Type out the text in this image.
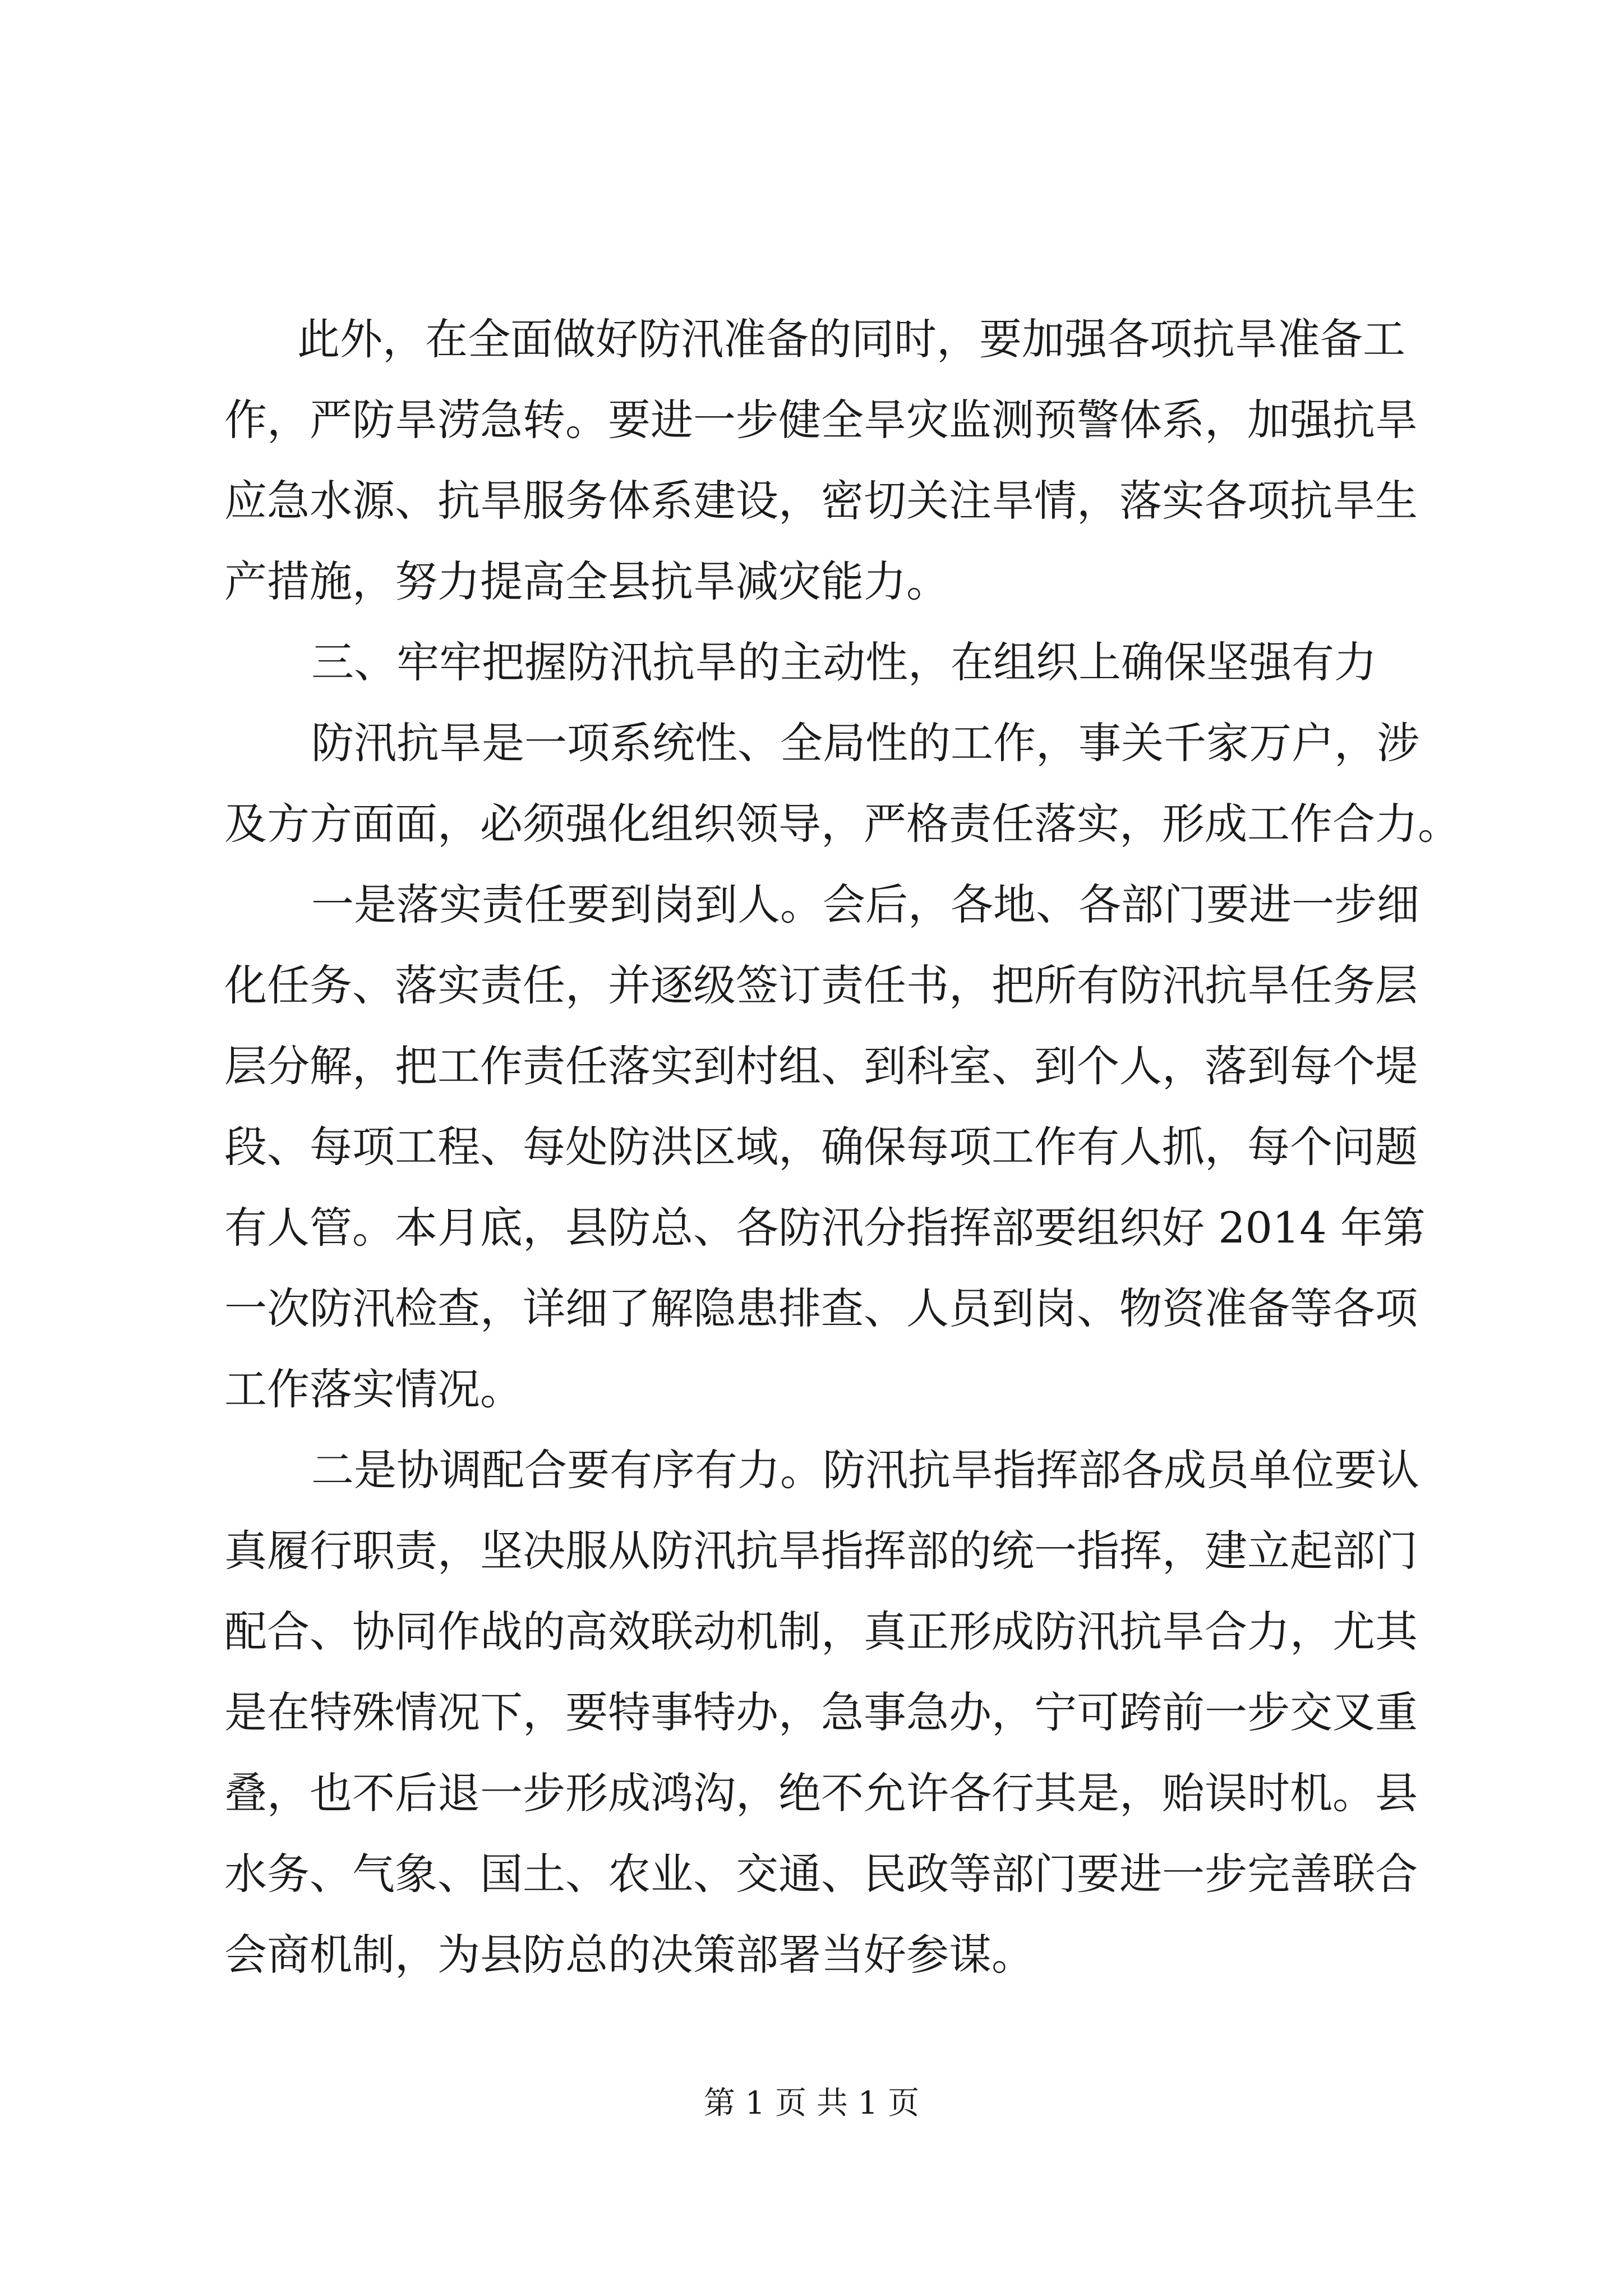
此外，在全面做好防汛准备的同时，要加强各项抗旱准备工
作，严防旱涝急转。要进一步健全旱灾监测预警体系，加强抗旱
应急水源、抗旱服务体系建设，密切关注旱情，落实各项抗旱生
产措施，努力提高全县抗旱减灾能力。
三、牢牢把握防汛抗旱的主动性，在组织上确保坚强有力
防汛抗旱是一项系统性、全局性的工作，事关千家万户，涉
及方方面面，必须强化组织领导，严格责任落实，形成工作合力。
一是落实责任要到岗到人。会后，各地、各部门要进一步细
化任务、落实责任，并逐级签订责任书，把所有防汛抗旱任务层
层分解，把工作责任落实到村组、到科室、到个人，落到每个堤
段、每项工程、每处防洪区域，确保每项工作有人抓，每个问题
有人管。本月底，县防总、各防汛分指挥部要组织好 2014 年第
一次防汛检查，详细了解隐患排查、人员到岗、物资准备等各项
工作落实情况。
二是协调配合要有序有力。防汛抗旱指挥部各成员单位要认
真履行职责，坚决服从防汛抗旱指挥部的统一指挥，建立起部门
配合、协同作战的高效联动机制，真正形成防汛抗旱合力，尤其
是在特殊情况下，要特事特办，急事急办，宁可跨前一步交叉重
叠，也不后退一步形成鸿沟，绝不允许各行其是，贻误时机。县
水务、气象、国土、农业、交通、民政等部门要进一步完善联合
会商机制，为县防总的决策部署当好参谋。
第 1 页 共 1 页
